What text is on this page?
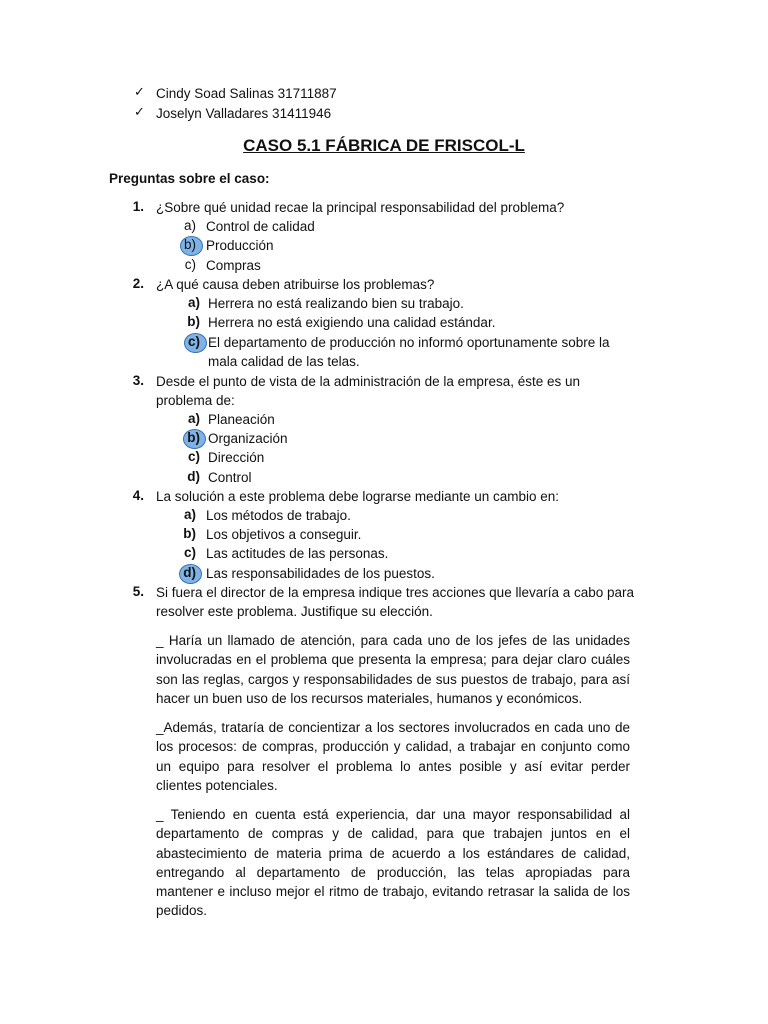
✓ Cindy Soad Salinas 31711887
✓ Joselyn Valladares 31411946
CASO 5.1 FÁBRICA DE FRISCOL-L
Preguntas sobre el caso:
1. ¿Sobre qué unidad recae la principal responsabilidad del problema?
a) Control de calidad
b) Producción
c) Compras
2. ¿A qué causa deben atribuirse los problemas?
a) Herrera no está realizando bien su trabajo.
b) Herrera no está exigiendo una calidad estándar.
c) El departamento de producción no informó oportunamente sobre la
mala calidad de las telas.
3. Desde el punto de vista de la administración de la empresa, éste es un
problema de:
a) Planeación
b) Organización
c) Dirección
d) Control
4. La solución a este problema debe lograrse mediante un cambio en:
a) Los métodos de trabajo.
b) Los objetivos a conseguir.
c) Las actitudes de las personas.
d) Las responsabilidades de los puestos.
5. Si fuera el director de la empresa indique tres acciones que llevaría a cabo para
resolver este problema. Justifique su elección.
_ Haría un llamado de atención, para cada uno de los jefes de las unidades involucradas en el problema que presenta la empresa; para dejar claro cuáles son las reglas, cargos y responsabilidades de sus puestos de trabajo, para así hacer un buen uso de los recursos materiales, humanos y económicos.
_Además, trataría de concientizar a los sectores involucrados en cada uno de los procesos: de compras, producción y calidad, a trabajar en conjunto como un equipo para resolver el problema lo antes posible y así evitar perder clientes potenciales.
_ Teniendo en cuenta está experiencia, dar una mayor responsabilidad al departamento de compras y de calidad, para que trabajen juntos en el abastecimiento de materia prima de acuerdo a los estándares de calidad, entregando al departamento de producción, las telas apropiadas para mantener e incluso mejor el ritmo de trabajo, evitando retrasar la salida de los pedidos.
